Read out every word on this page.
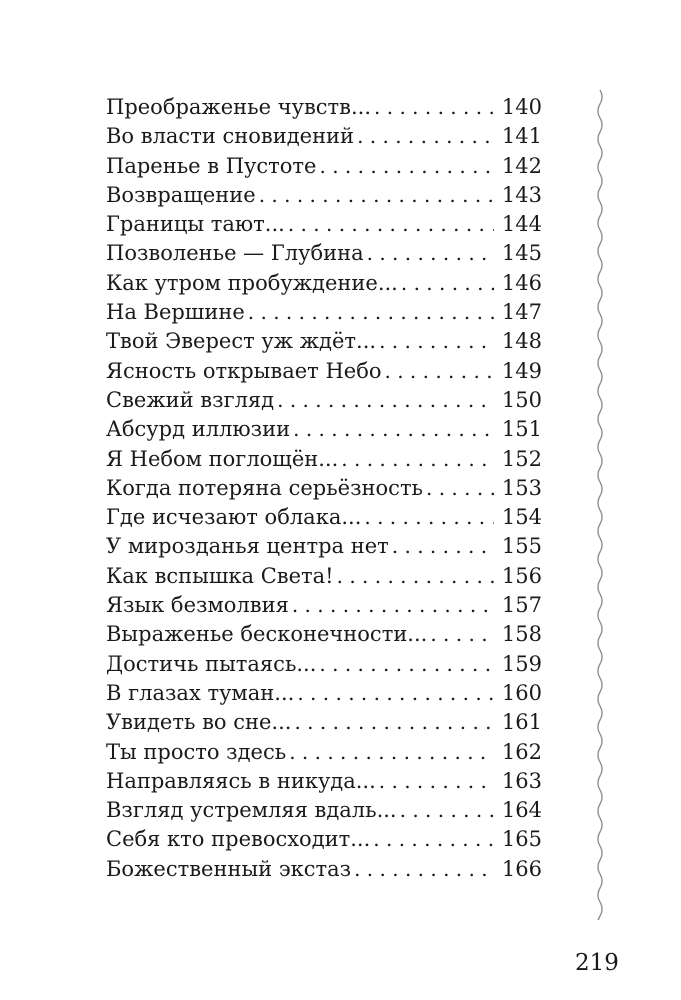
Преображенье чувств... . . .	140
Во власти сновидений . . .	141
Паренье в Пустоте . . .	142
Возвращение . . .	143
Границы тают... . . .	144
Позволенье — Глубина . . .	145
Как утром пробуждение... . . .	146
На Вершине . . .	147
Твой Эверест уж ждёт... . . .	148
Ясность открывает Небо . . .	149
Свежий взгляд . . .	150
Абсурд иллюзии . . .	151
Я Небом поглощён... . . .	152
Когда потеряна серьёзность . . .	153
Где исчезают облака... . . .	154
У мирозданья центра нет . . .	155
Как вспышка Света! . . .	156
Язык безмолвия . . .	157
Выраженье бесконечности... . . .	158
Достичь пытаясь... . . .	159
В глазах туман... . . .	160
Увидеть во сне... . . .	161
Ты просто здесь . . .	162
Направляясь в никуда... . . .	163
Взгляд устремляя вдаль... . . .	164
Себя кто превосходит... . . .	165
Божественный экстаз . . .	166
219
